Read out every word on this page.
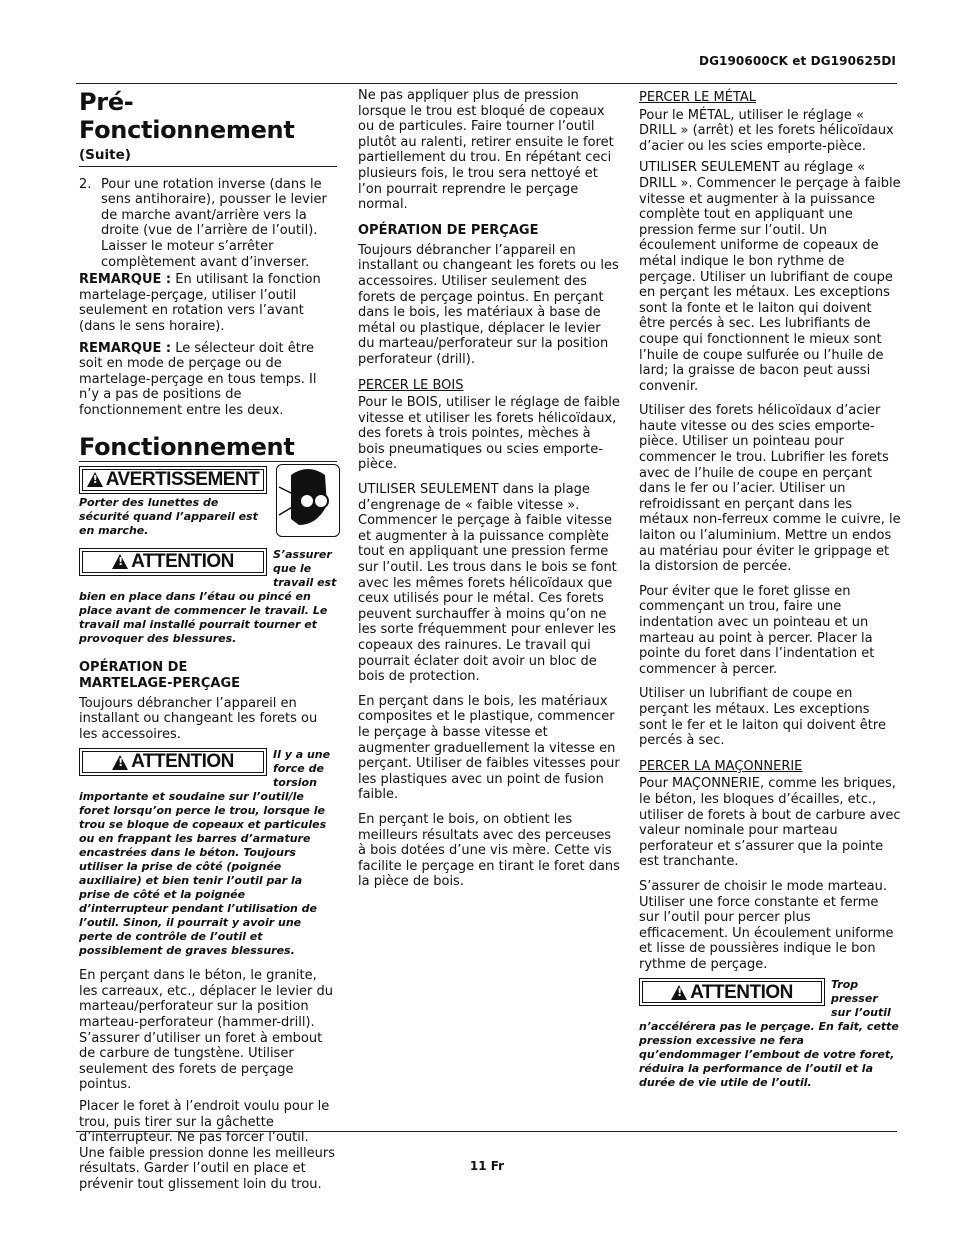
DG190600CK et DG190625DI
Pré-Fonctionnement
(Suite)
2. Pour une rotation inverse (dans le sens antihoraire), pousser le levier de marche avant/arrière vers la droite (vue de l’arrière de l’outil). Laisser le moteur s’arrêter complètement avant d’inverser.

REMARQUE : En utilisant la fonction martelage-perçage, utiliser l’outil seulement en rotation vers l’avant (dans le sens horaire).

REMARQUE : Le sélecteur doit être soit en mode de perçage ou de martelage-perçage en tous temps. Il n’y a pas de positions de fonctionnement entre les deux.

Fonctionnement
!
AVERTISSEMENT
Porter des lunettes de sécurité quand l’appareil est en marche.
!
ATTENTION	S’assurer que le travail est bien en place dans l’étau ou pincé en place avant de commencer le travail. Le travail mal installé pourrait tourner et provoquer des blessures.
OPÉRATION DE
MARTELAGE-PERÇAGE

Toujours débrancher l’appareil en installant ou changeant les forets ou les accessoires.

!
ATTENTION	Il y a une force de torsion importante et soudaine sur l’outil/le foret lorsqu’on perce le trou, lorsque le trou se bloque de copeaux et particules ou en frappant les barres d’armature encastrées dans le béton. Toujours utiliser la prise de côté (poignée auxiliaire) et bien tenir l’outil par la prise de côté et la poignée d’interrupteur pendant l’utilisation de l’outil. Sinon, il pourrait y avoir une perte de contrôle de l’outil et possiblement de graves blessures.

En perçant dans le béton, le granite, les carreaux, etc., déplacer le levier du marteau/perforateur sur la position marteau-perforateur (hammer-drill). S’assurer d’utiliser un foret à embout de carbure de tungstène. Utiliser seulement des forets de perçage pointus.

Placer le foret à l’endroit voulu pour le trou, puis tirer sur la gâchette d’interrupteur. Ne pas forcer l’outil. Une faible pression donne les meilleurs résultats. Garder l’outil en place et prévenir tout glissement loin du trou.

Ne pas appliquer plus de pression lorsque le trou est bloqué de copeaux ou de particules. Faire tourner l’outil plutôt au ralenti, retirer ensuite le foret partiellement du trou. En répétant ceci plusieurs fois, le trou sera nettoyé et l’on pourrait reprendre le perçage normal.

OPÉRATION DE PERÇAGE

Toujours débrancher l’appareil en installant ou changeant les forets ou les accessoires. Utiliser seulement des forets de perçage pointus. En perçant dans le bois, les matériaux à base de métal ou plastique, déplacer le levier du marteau/perforateur sur la position perforateur (drill).

PERCER LE BOIS

Pour le BOIS, utiliser le réglage de faible vitesse et utiliser les forets hélicoïdaux, des forets à trois pointes, mèches à bois pneumatiques ou scies emporte-pièce.

UTILISER SEULEMENT dans la plage d’engrenage de « faible vitesse ». Commencer le perçage à faible vitesse et augmenter à la puissance complète tout en appliquant une pression ferme sur l’outil. Les trous dans le bois se font avec les mêmes forets hélicoïdaux que ceux utilisés pour le métal. Ces forets peuvent surchauffer à moins qu’on ne les sorte fréquemment pour enlever les copeaux des rainures. Le travail qui pourrait éclater doit avoir un bloc de bois de protection.

En perçant dans le bois, les matériaux composites et le plastique, commencer le perçage à basse vitesse et augmenter graduellement la vitesse en perçant. Utiliser de faibles vitesses pour les plastiques avec un point de fusion faible.

En perçant le bois, on obtient les meilleurs résultats avec des perceuses à bois dotées d’une vis mère. Cette vis facilite le perçage en tirant le foret dans la pièce de bois.

PERCER LE MÉTAL

Pour le MÉTAL, utiliser le réglage « DRILL » (arrêt) et les forets hélicoïdaux d’acier ou les scies emporte-pièce.

UTILISER SEULEMENT au réglage « DRILL ». Commencer le perçage à faible vitesse et augmenter à la puissance complète tout en appliquant une pression ferme sur l’outil. Un écoulement uniforme de copeaux de métal indique le bon rythme de perçage. Utiliser un lubrifiant de coupe en perçant les métaux. Les exceptions sont la fonte et le laiton qui doivent être percés à sec. Les lubrifiants de coupe qui fonctionnent le mieux sont l’huile de coupe sulfurée ou l’huile de lard; la graisse de bacon peut aussi convenir.

Utiliser des forets hélicoïdaux d’acier haute vitesse ou des scies emporte-pièce. Utiliser un pointeau pour commencer le trou. Lubrifier les forets avec de l’huile de coupe en perçant dans le fer ou l’acier. Utiliser un refroidissant en perçant dans les métaux non-ferreux comme le cuivre, le laiton ou l’aluminium. Mettre un endos au matériau pour éviter le grippage et la distorsion de percée.

Pour éviter que le foret glisse en commençant un trou, faire une indentation avec un pointeau et un marteau au point à percer. Placer la pointe du foret dans l’indentation et commencer à percer.

Utiliser un lubrifiant de coupe en perçant les métaux. Les exceptions sont le fer et le laiton qui doivent être percés à sec.

PERCER LA MAÇONNERIE

Pour MAÇONNERIE, comme les briques, le béton, les bloques d’écailles, etc., utiliser de forets à bout de carbure avec valeur nominale pour marteau perforateur et s’assurer que la pointe est tranchante.

S’assurer de choisir le mode marteau. Utiliser une force constante et ferme sur l’outil pour percer plus efficacement. Un écoulement uniforme et lisse de poussières indique le bon rythme de perçage.

!
ATTENTION	Trop presser sur l’outil n’accélérera pas le perçage. En fait, cette pression excessive ne fera qu’endommager l’embout de votre foret, réduira la performance de l’outil et la durée de vie utile de l’outil.
11 Fr
